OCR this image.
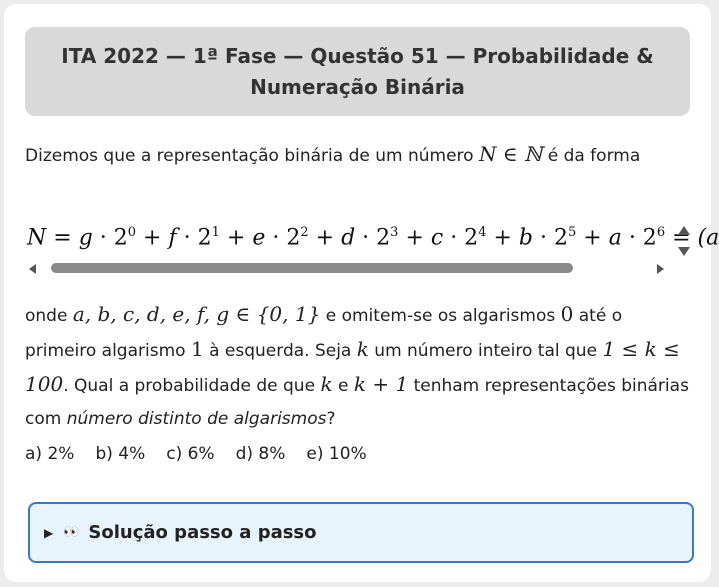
ITA 2022 — 1ª Fase — Questão 51 — Probabilidade & Numeração Binária

Dizemos que a representação binária de um número N ∈ ℕ é da forma

$N = g \cdot 2^0 + f \cdot 2^1 + e \cdot 2^2 + d \cdot 2^3 + c \cdot 2^4 + b \cdot 2^5 + a \cdot 2^6 = (a$

onde a, b, c, d, e, f, g ∈ {0, 1} e omitem-se os algarismos 0 até o primeiro algarismo 1 à esquerda. Seja k um número inteiro tal que 1 ≤ k ≤ 100. Qual a probabilidade de que k e k + 1 tenham representações binárias com número distinto de algarismos?

a) 2% b) 4% c) 6% d) 8% e) 10%
▶ 👀 Solução passo a passo
